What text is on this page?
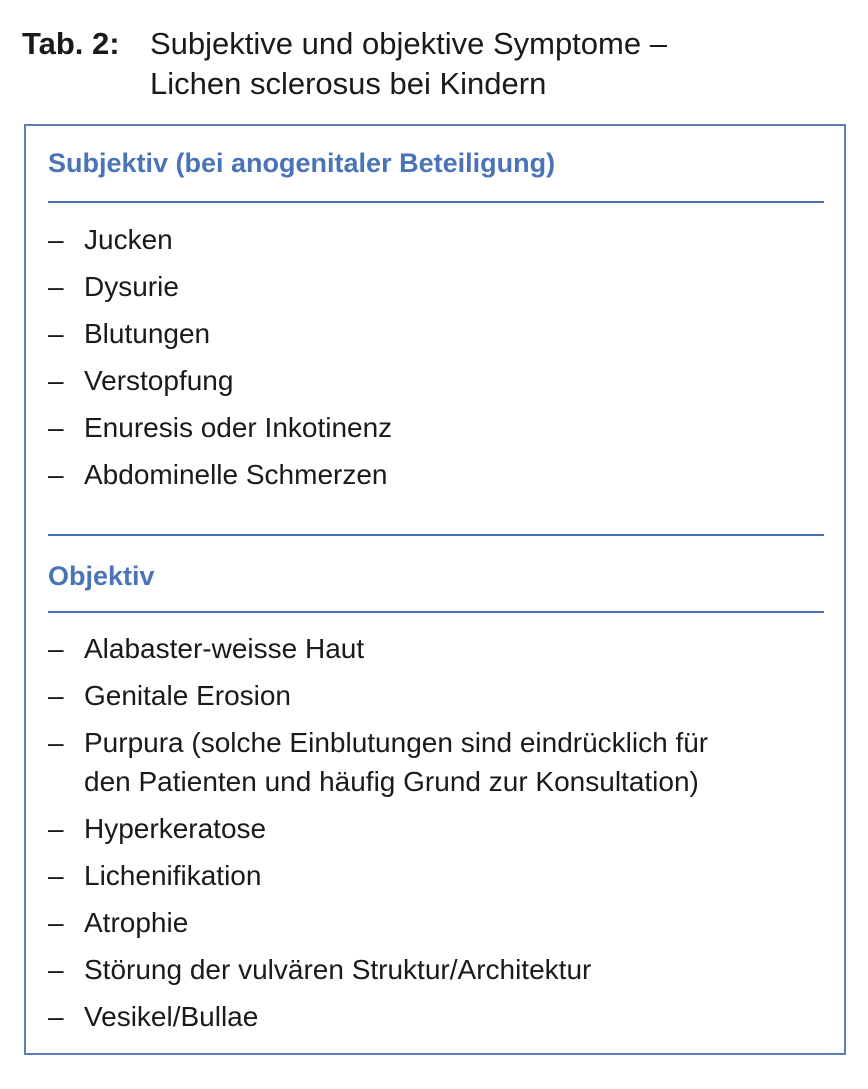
Tab. 2: Subjektive und objektive Symptome –
Lichen sclerosus bei Kindern
Subjektiv (bei anogenitaler Beteiligung)
– Jucken
– Dysurie
– Blutungen
– Verstopfung
– Enuresis oder Inkotinenz
– Abdominelle Schmerzen
Objektiv
– Alabaster-weisse Haut
– Genitale Erosion
– Purpura (solche Einblutungen sind eindrücklich für
den Patienten und häufig Grund zur Konsultation)
– Hyperkeratose
– Lichenifikation
– Atrophie
– Störung der vulvären Struktur/Architektur
– Vesikel/Bullae
